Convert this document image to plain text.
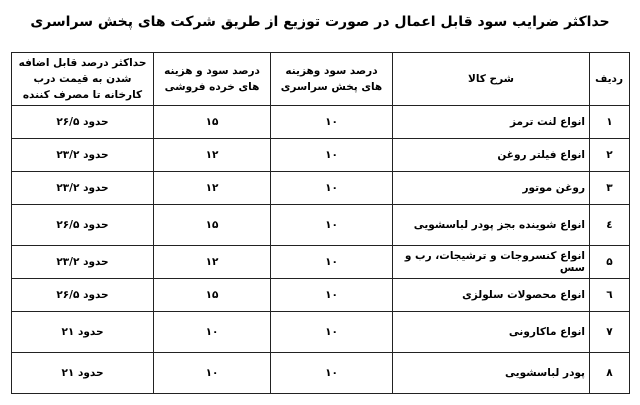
حداکثر ضرایب سود قابل اعمال در صورت توزیع از طریق شرکت های پخش سراسری
ردیف	شرح کالا	درصد سود وهزینه های پخش سراسری	درصد سود و هزینه های خرده فروشی	حداکثر درصد قابل اضافه شدن به قیمت درب کارخانه تا مصرف کننده
۱	انواع لنت ترمز	۱۰	۱۵	حدود ۲۶/۵
۲	انواع فیلتر روغن	۱۰	۱۲	حدود ۲۳/۲
۳	روغن موتور	۱۰	۱۲	حدود ۲۳/۲
٤	انواع شوینده بجز پودر لباسشویی	۱۰	۱۵	حدود ۲۶/۵
۵	انواع کنسروجات و ترشیجات، رب و سس	۱۰	۱۲	حدود ۲۳/۲
٦	انواع محصولات سلولزی	۱۰	۱۵	حدود ۲۶/۵
۷	انواع ماکارونی	۱۰	۱۰	حدود ۲۱
۸	پودر لباسشویی	۱۰	۱۰	حدود ۲۱
